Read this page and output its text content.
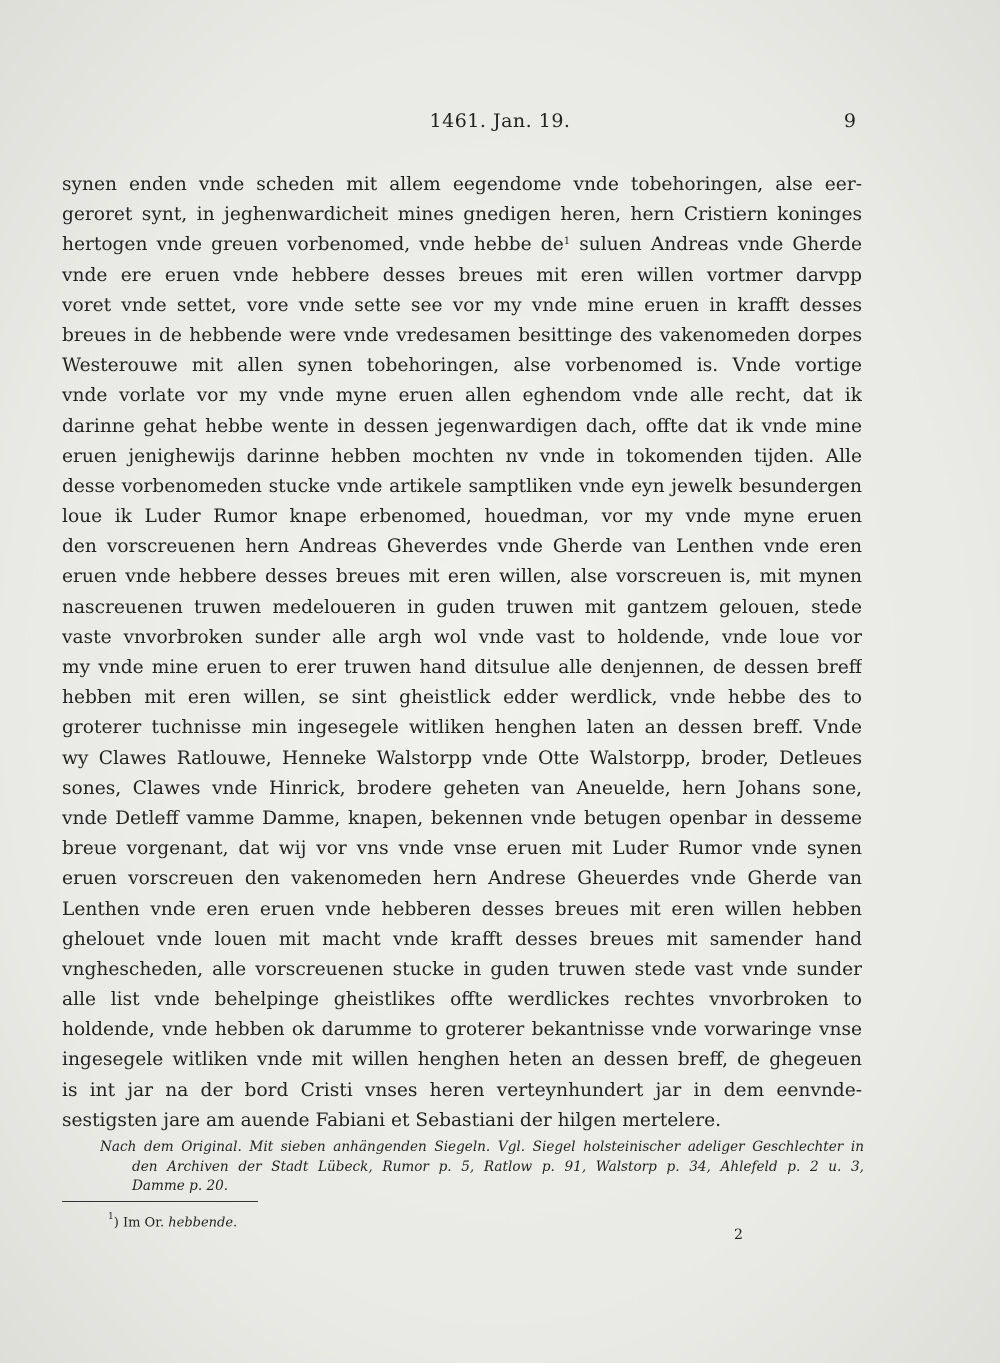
1461. Jan. 19.	9
synen enden vnde scheden mit allem eegendome vnde tobehoringen, alse eer-
geroret synt, in jeghenwardicheit mines gnedigen heren, hern Cristiern koninges
hertogen vnde greuen vorbenomed, vnde hebbe de$^1$ suluen Andreas vnde Gherde
vnde ere eruen vnde hebbere desses breues mit eren willen vortmer darvpp
voret vnde settet, vore vnde sette see vor my vnde mine eruen in krafft desses
breues in de hebbende were vnde vredesamen besittinge des vakenomeden dorpes
Westerouwe mit allen synen tobehoringen, alse vorbenomed is. Vnde vortige
vnde vorlate vor my vnde myne eruen allen eghendom vnde alle recht, dat ik
darinne gehat hebbe wente in dessen jegenwardigen dach, offte dat ik vnde mine
eruen jenighewijs darinne hebben mochten nv vnde in tokomenden tijden. Alle
desse vorbenomeden stucke vnde artikele samptliken vnde eyn jewelk besundergen
loue ik Luder Rumor knape erbenomed, houedman, vor my vnde myne eruen
den vorscreuenen hern Andreas Gheverdes vnde Gherde van Lenthen vnde eren
eruen vnde hebbere desses breues mit eren willen, alse vorscreuen is, mit mynen
nascreuenen truwen medeloueren in guden truwen mit gantzem gelouen, stede
vaste vnvorbroken sunder alle argh wol vnde vast to holdende, vnde loue vor
my vnde mine eruen to erer truwen hand ditsulue alle denjennen, de dessen breff
hebben mit eren willen, se sint gheistlick edder werdlick, vnde hebbe des to
groterer tuchnisse min ingesegele witliken henghen laten an dessen breff. Vnde
wy Clawes Ratlouwe, Henneke Walstorpp vnde Otte Walstorpp, broder, Detleues
sones, Clawes vnde Hinrick, brodere geheten van Aneuelde, hern Johans sone,
vnde Detleff vamme Damme, knapen, bekennen vnde betugen openbar in desseme
breue vorgenant, dat wij vor vns vnde vnse eruen mit Luder Rumor vnde synen
eruen vorscreuen den vakenomeden hern Andrese Gheuerdes vnde Gherde van
Lenthen vnde eren eruen vnde hebberen desses breues mit eren willen hebben
ghelouet vnde louen mit macht vnde krafft desses breues mit samender hand
vnghescheden, alle vorscreuenen stucke in guden truwen stede vast vnde sunder
alle list vnde behelpinge gheistlikes offte werdlickes rechtes vnvorbroken to
holdende, vnde hebben ok darumme to groterer bekantnisse vnde vorwaringe vnse
ingesegele witliken vnde mit willen henghen heten an dessen breff, de ghegeuen
is int jar na der bord Cristi vnses heren verteynhundert jar in dem eenvnde-
sestigsten jare am auende Fabiani et Sebastiani der hilgen mertelere.
Nach dem Original. Mit sieben anhängenden Siegeln. Vgl. Siegel holsteinischer adeliger Geschlechter in
den Archiven der Stadt Lübeck, Rumor p. 5, Ratlow p. 91, Walstorp p. 34, Ahlefeld p. 2 u. 3,
Damme p. 20.
$^1$) Im Or. hebbende.
2
